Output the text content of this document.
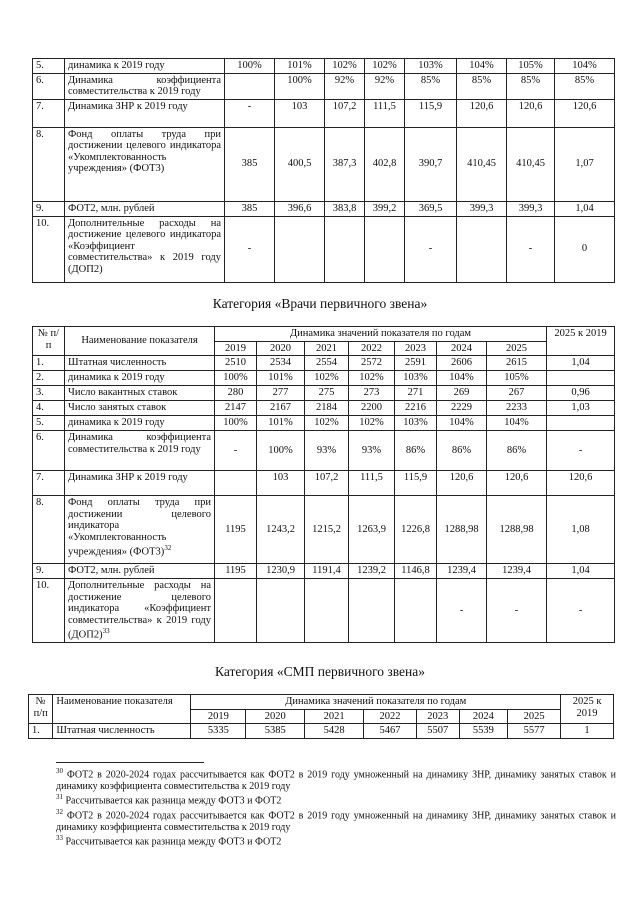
5.	динамика к 2019 году	100%	101%	102%	102%	103%	104%	105%	104%
6.	Динамика коэффициента совместительства к 2019 году		100%	92%	92%	85%	85%	85%	85%
7.	Динамика ЗНР к 2019 году	-	103	107,2	111,5	115,9	120,6	120,6	120,6
8.	Фонд оплаты труда при достижении целевого индикатора «Укомплектованность учреждения» (ФОТ3)	385	400,5	387,3	402,8	390,7	410,45	410,45	1,07
9.	ФОТ2, млн. рублей	385	396,6	383,8	399,2	369,5	399,3	399,3	1,04
10.	Дополнительные расходы на достижение целевого индикатора «Коэффициент совместительства» к 2019 году (ДОП2)	-				-		-	0
Категория «Врачи первичного звена»
№ п/п	Наименование показателя	Динамика значений показателя по годам							2025 к 2019
		2019	2020	2021	2022	2023	2024	2025	
1.	Штатная численность	2510	2534	2554	2572	2591	2606	2615	1,04
2.	динамика к 2019 году	100%	101%	102%	102%	103%	104%	105%	
3.	Число вакантных ставок	280	277	275	273	271	269	267	0,96
4.	Число занятых ставок	2147	2167	2184	2200	2216	2229	2233	1,03
5.	динамика к 2019 году	100%	101%	102%	102%	103%	104%	104%	
6.	Динамика коэффициента совместительства к 2019 году	-	100%	93%	93%	86%	86%	86%	-
7.	Динамика ЗНР к 2019 году		103	107,2	111,5	115,9	120,6	120,6	120,6
8.	Фонд оплаты труда при достижении целевого индикатора «Укомплектованность учреждения» $(ФОТ3)^{32}$	1195	1243,2	1215,2	1263,9	1226,8	1288,98	1288,98	1,08
9.	ФОТ2, млн. рублей	1195	1230,9	1191,4	1239,2	1146,8	1239,4	1239,4	1,04
10.	Дополнительные расходы на достижение целевого индикатора «Коэффициент совместительства» к 2019 году $(ДОП2)^{33}$						-	-	-
Категория «СМП первичного звена»
№ п/п	Наименование показателя	Динамика значений показателя по годам							2025 к 2019
		2019	2020	2021	2022	2023	2024	2025	
1.	Штатная численность	5335	5385	5428	5467	5507	5539	5577	1

$^{30}$ ФОТ2 в 2020-2024 годах рассчитывается как ФОТ2 в 2019 году умноженный на динамику ЗНР, динамику занятых ставок и динамику коэффициента совместительства к 2019 году

$^{31}$ Рассчитывается как разница между ФОТ3 и ФОТ2

$^{32}$ ФОТ2 в 2020-2024 годах рассчитывается как ФОТ2 в 2019 году умноженный на динамику ЗНР, динамику занятых ставок и динамику коэффициента совместительства к 2019 году

$^{33}$ Рассчитывается как разница между ФОТ3 и ФОТ2
